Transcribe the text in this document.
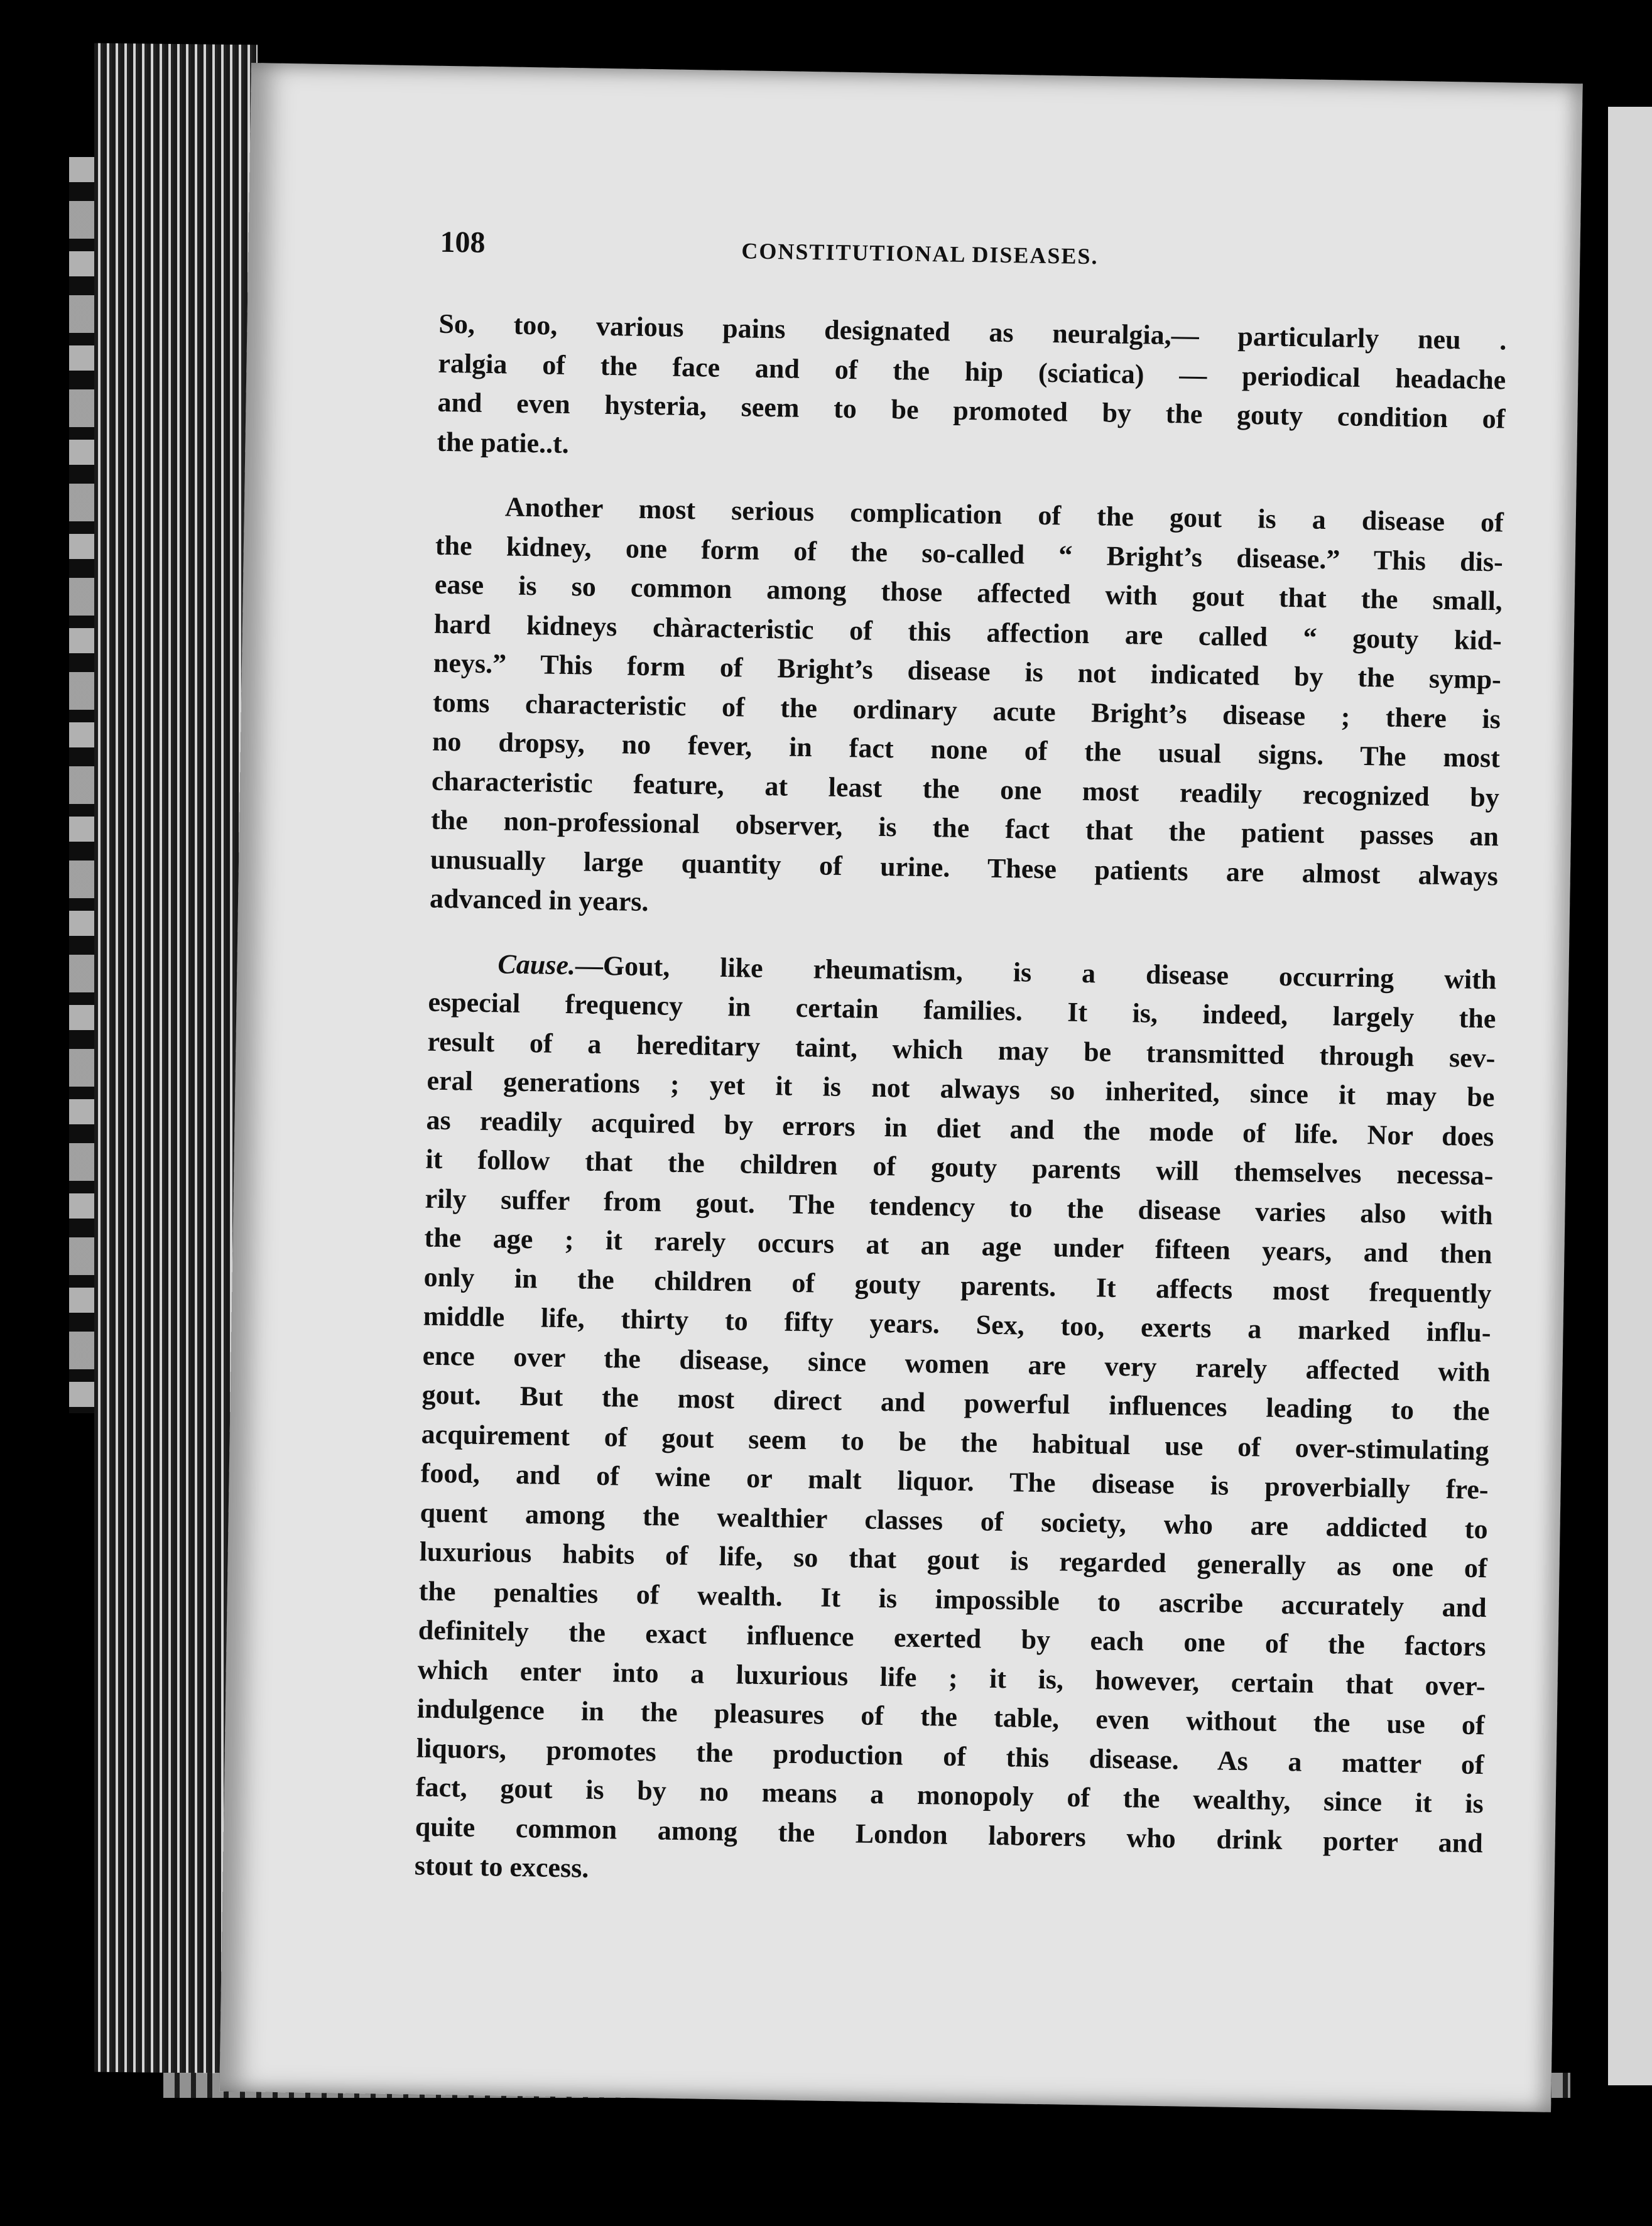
108	CONSTITUTIONAL DISEASES.
So, too, various pains designated as neuralgia,— particularly neu .
ralgia of the face and of the hip (sciatica) — periodical headache
and even hysteria, seem to be promoted by the gouty condition of
the patie..t.
Another most serious complication of the gout is a disease of
the kidney, one form of the so-called “ Bright’s disease.” This dis-
ease is so common among those affected with gout that the small,
hard kidneys chàracteristic of this affection are called “ gouty kid-
neys.” This form of Bright’s disease is not indicated by the symp-
toms characteristic of the ordinary acute Bright’s disease ; there is
no dropsy, no fever, in fact none of the usual signs. The most
characteristic feature, at least the one most readily recognized by
the non-professional observer, is the fact that the patient passes an
unusually large quantity of urine. These patients are almost always
advanced in years.
Cause.—Gout, like rheumatism, is a disease occurring with
especial frequency in certain families. It is, indeed, largely the
result of a hereditary taint, which may be transmitted through sev-
eral generations ; yet it is not always so inherited, since it may be
as readily acquired by errors in diet and the mode of life. Nor does
it follow that the children of gouty parents will themselves necessa-
rily suffer from gout. The tendency to the disease varies also with
the age ; it rarely occurs at an age under fifteen years, and then
only in the children of gouty parents. It affects most frequently
middle life, thirty to fifty years. Sex, too, exerts a marked influ-
ence over the disease, since women are very rarely affected with
gout. But the most direct and powerful influences leading to the
acquirement of gout seem to be the habitual use of over-stimulating
food, and of wine or malt liquor. The disease is proverbially fre-
quent among the wealthier classes of society, who are addicted to
luxurious habits of life, so that gout is regarded generally as one of
the penalties of wealth. It is impossible to ascribe accurately and
definitely the exact influence exerted by each one of the factors
which enter into a luxurious life ; it is, however, certain that over-
indulgence in the pleasures of the table, even without the use of
liquors, promotes the production of this disease. As a matter of
fact, gout is by no means a monopoly of the wealthy, since it is
quite common among the London laborers who drink porter and
stout to excess.
